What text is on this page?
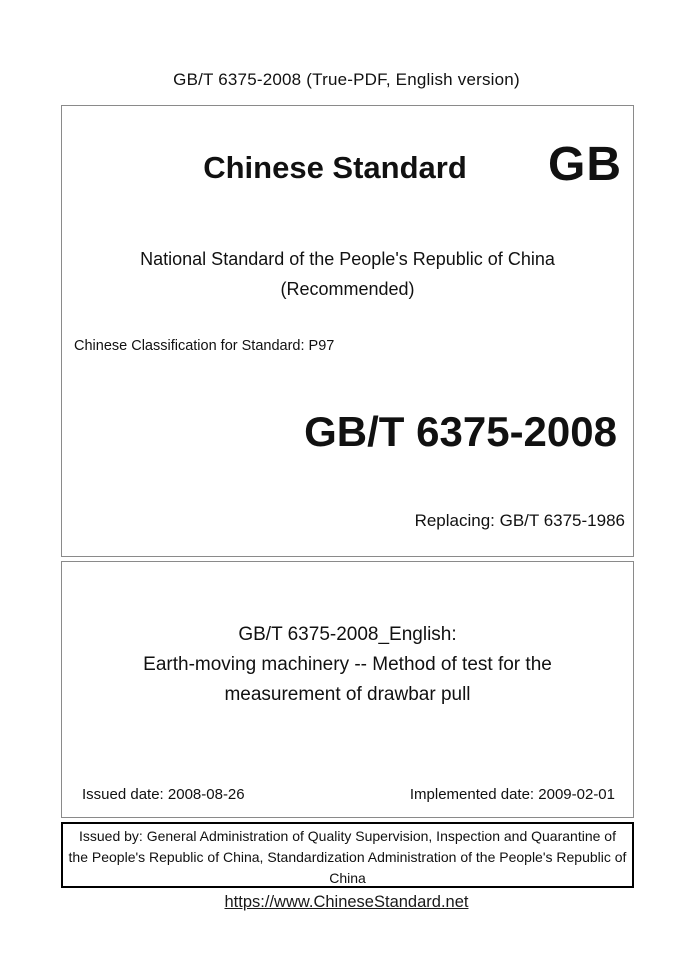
GB/T 6375-2008 (True-PDF, English version)
Chinese Standard	GB
National Standard of the People's Republic of China
(Recommended)
Chinese Classification for Standard: P97
GB/T 6375-2008
Replacing: GB/T 6375-1986
GB/T 6375-2008_English:
Earth-moving machinery -- Method of test for the
measurement of drawbar pull
Issued date: 2008-08-26	Implemented date: 2009-02-01
Issued by: General Administration of Quality Supervision, Inspection and Quarantine of
the People's Republic of China, Standardization Administration of the People's Republic of
China
https://www.ChineseStandard.net
